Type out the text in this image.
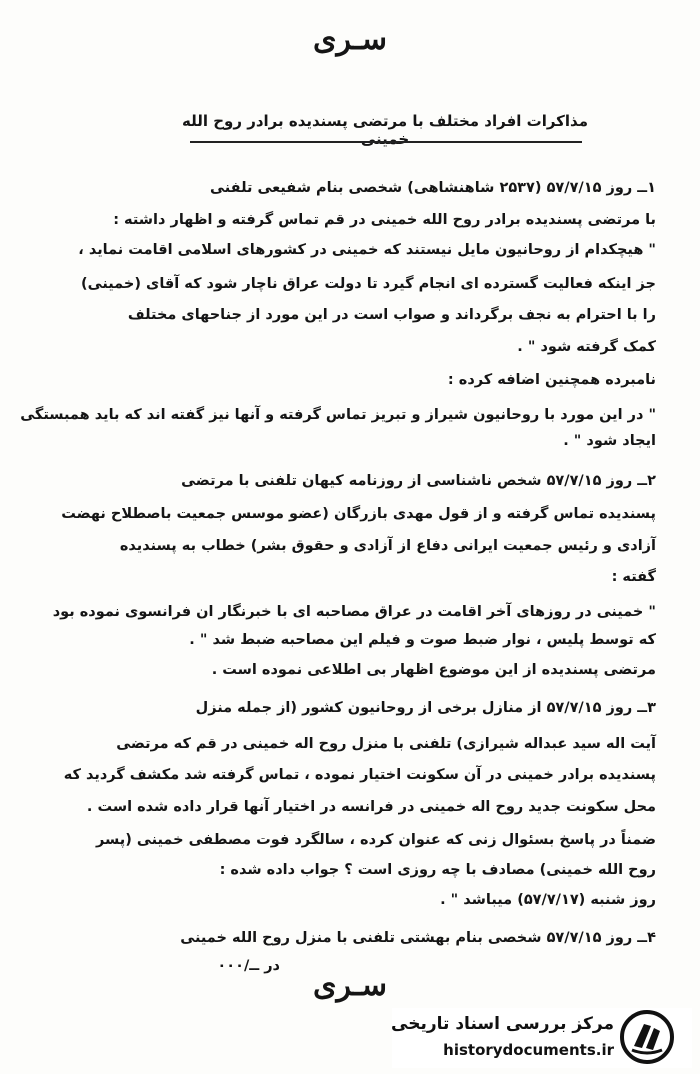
سـری
مذاکرات افراد مختلف با مرتضی پسندیده برادر روح الله خمینی
۱ــ روز ۵۷/۷/۱۵ (۲۵۳۷ شاهنشاهی) شخصی بنام شفیعی تلفنی
با مرتضی پسندیده برادر روح الله خمینی در قم تماس گرفته و اظهار داشته :
" هیچکدام از روحانیون مایل نیستند که خمینی در کشورهای اسلامی اقامت نماید ،
جز اینکه فعالیت گسترده ای انجام گیرد تا دولت عراق ناچار شود که آقای (خمینی)
را با احترام به نجف برگرداند و صواب است در این مورد از جناحهای مختلف
کمک گرفته شود " .
نامبرده همچنین اضافه کرده :
" در این مورد با روحانیون شیراز و تبریز تماس گرفته و آنها نیز گفته اند که باید همبستگی
ایجاد شود " .
۲ــ روز ۵۷/۷/۱۵ شخص ناشناسی از روزنامه کیهان تلفنی با مرتضی
پسندیده تماس گرفته و از قول مهدی بازرگان (عضو موسس جمعیت باصطلاح نهضت
آزادی و رئیس جمعیت ایرانی دفاع از آزادی و حقوق بشر) خطاب به پسندیده
گفته :
" خمینی در روزهای آخر اقامت در عراق مصاحبه ای با خبرنگار ان فرانسوی نموده بود
که توسط پلیس ، نوار ضبط صوت و فیلم این مصاحبه ضبط شد " .
مرتضی پسندیده از این موضوع اظهار بی اطلاعی نموده است .
۳ــ روز ۵۷/۷/۱۵ از منازل برخی از روحانیون کشور (از جمله منزل
آیت اله سید عبداله شیرازی) تلفنی با منزل روح اله خمینی در قم که مرتضی
پسندیده برادر خمینی در آن سکونت اختیار نموده ، تماس گرفته شد مکشف گردید که
محل سکونت جدید روح اله خمینی در فرانسه در اختیار آنها قرار داده شده است .
ضمناً در پاسخ بسئوال زنی که عنوان کرده ، سالگرد فوت مصطفی خمینی (پسر
روح الله خمینی) مصادف با چه روزی است ؟ جواب داده شده :
روز شنبه (۵۷/۷/۱۷) میباشد " .
۴ــ روز ۵۷/۷/۱۵ شخصی بنام بهشتی تلفنی با منزل روح الله خمینی
در ــ/۰۰۰
سـری
مرکز بررسی اسناد تاریخی
historydocuments.ir
